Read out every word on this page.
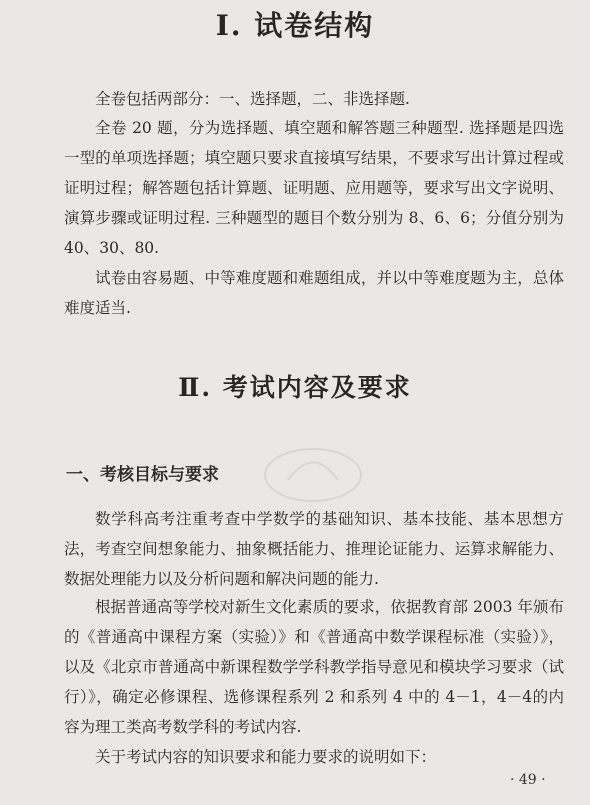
Ⅰ. 试卷结构

全卷包括两部分：一、选择题，二、非选择题.

全卷 20 题，分为选择题、填空题和解答题三种题型. 选择题是四选一型的单项选择题；填空题只要求直接填写结果，不要求写出计算过程或证明过程；解答题包括计算题、证明题、应用题等，要求写出文字说明、演算步骤或证明过程. 三种题型的题目个数分别为 8、6、6；分值分别为 40、30、80.

试卷由容易题、中等难度题和难题组成，并以中等难度题为主，总体难度适当.

Ⅱ. 考试内容及要求
一、考核目标与要求

数学科高考注重考查中学数学的基础知识、基本技能、基本思想方法，考查空间想象能力、抽象概括能力、推理论证能力、运算求解能力、数据处理能力以及分析问题和解决问题的能力.

根据普通高等学校对新生文化素质的要求，依据教育部 2003 年颁布的《普通高中课程方案（实验）》和《普通高中数学课程标准（实验）》，以及《北京市普通高中新课程数学学科教学指导意见和模块学习要求（试行）》，确定必修课程、选修课程系列 2 和系列 4 中的 4－1，4－4的内容为理工类高考数学科的考试内容.

关于考试内容的知识要求和能力要求的说明如下：

· 49 ·
